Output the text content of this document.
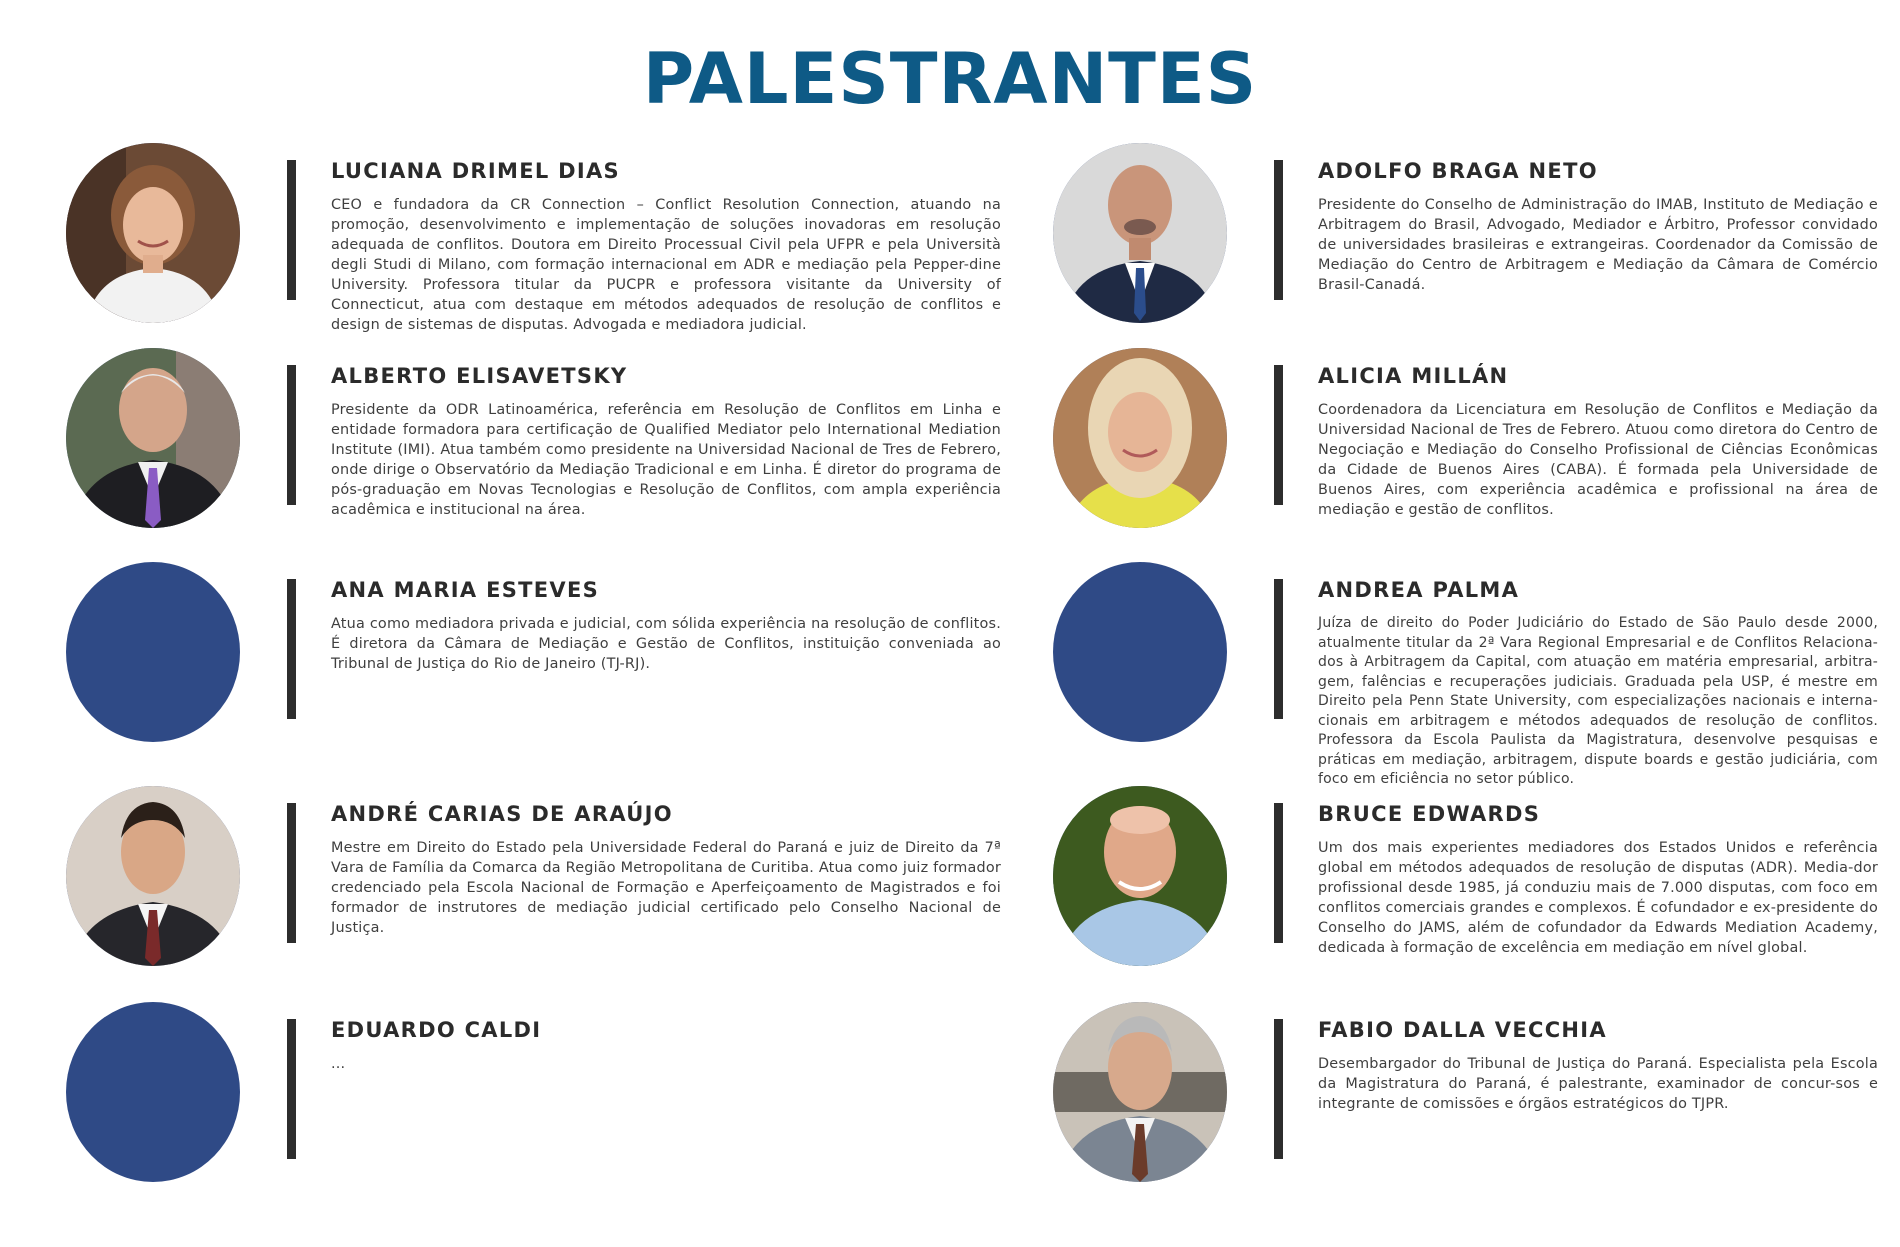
PALESTRANTES
LUCIANA DRIMEL DIAS

CEO e fundadora da CR Connection – Conflict Resolution Connection, atuando na promoção, desenvolvimento e implementação de soluções inovadoras em resolução adequada de conflitos. Doutora em Direito Processual Civil pela UFPR e pela Università degli Studi di Milano, com formação internacional em ADR e mediação pela Pepper-dine University. Professora titular da PUCPR e professora visitante da University of Connecticut, atua com destaque em métodos adequados de resolução de conflitos e design de sistemas de disputas. Advogada e mediadora judicial.

ADOLFO BRAGA NETO

Presidente do Conselho de Administração do IMAB, Instituto de Mediação e Arbitragem do Brasil, Advogado, Mediador e Árbitro, Professor convidado de universidades brasileiras e extrangeiras. Coordenador da Comissão de Mediação do Centro de Arbitragem e Mediação da Câmara de Comércio Brasil-Canadá.

ALBERTO ELISAVETSKY

Presidente da ODR Latinoamérica, referência em Resolução de Conflitos em Linha e entidade formadora para certificação de Qualified Mediator pelo International Mediation Institute (IMI). Atua também como presidente na Universidad Nacional de Tres de Febrero, onde dirige o Observatório da Mediação Tradicional e em Linha. É diretor do programa de pós-graduação em Novas Tecnologias e Resolução de Conflitos, com ampla experiência acadêmica e institucional na área.

ALICIA MILLÁN

Coordenadora da Licenciatura em Resolução de Conflitos e Mediação da Universidad Nacional de Tres de Febrero. Atuou como diretora do Centro de Negociação e Mediação do Conselho Profissional de Ciências Econômicas da Cidade de Buenos Aires (CABA). É formada pela Universidade de Buenos Aires, com experiência acadêmica e profissional na área de mediação e gestão de conflitos.

ANA MARIA ESTEVES

Atua como mediadora privada e judicial, com sólida experiência na resolução de conflitos. É diretora da Câmara de Mediação e Gestão de Conflitos, instituição conveniada ao Tribunal de Justiça do Rio de Janeiro (TJ-RJ).

ANDREA PALMA

Juíza de direito do Poder Judiciário do Estado de São Paulo desde 2000, atualmente titular da 2ª Vara Regional Empresarial e de Conflitos Relaciona-dos à Arbitragem da Capital, com atuação em matéria empresarial, arbitra-gem, falências e recuperações judiciais. Graduada pela USP, é mestre em Direito pela Penn State University, com especializações nacionais e interna-cionais em arbitragem e métodos adequados de resolução de conflitos. Professora da Escola Paulista da Magistratura, desenvolve pesquisas e práticas em mediação, arbitragem, dispute boards e gestão judiciária, com foco em eficiência no setor público.

ANDRÉ CARIAS DE ARAÚJO

Mestre em Direito do Estado pela Universidade Federal do Paraná e juiz de Direito da 7ª Vara de Família da Comarca da Região Metropolitana de Curitiba. Atua como juiz formador credenciado pela Escola Nacional de Formação e Aperfeiçoamento de Magistrados e foi formador de instrutores de mediação judicial certificado pelo Conselho Nacional de Justiça.

BRUCE EDWARDS

Um dos mais experientes mediadores dos Estados Unidos e referência global em métodos adequados de resolução de disputas (ADR). Media-dor profissional desde 1985, já conduziu mais de 7.000 disputas, com foco em conflitos comerciais grandes e complexos. É cofundador e ex-presidente do Conselho do JAMS, além de cofundador da Edwards Mediation Academy, dedicada à formação de excelência em mediação em nível global.

EDUARDO CALDI

...

FABIO DALLA VECCHIA

Desembargador do Tribunal de Justiça do Paraná. Especialista pela Escola da Magistratura do Paraná, é palestrante, examinador de concur-sos e integrante de comissões e órgãos estratégicos do TJPR.
